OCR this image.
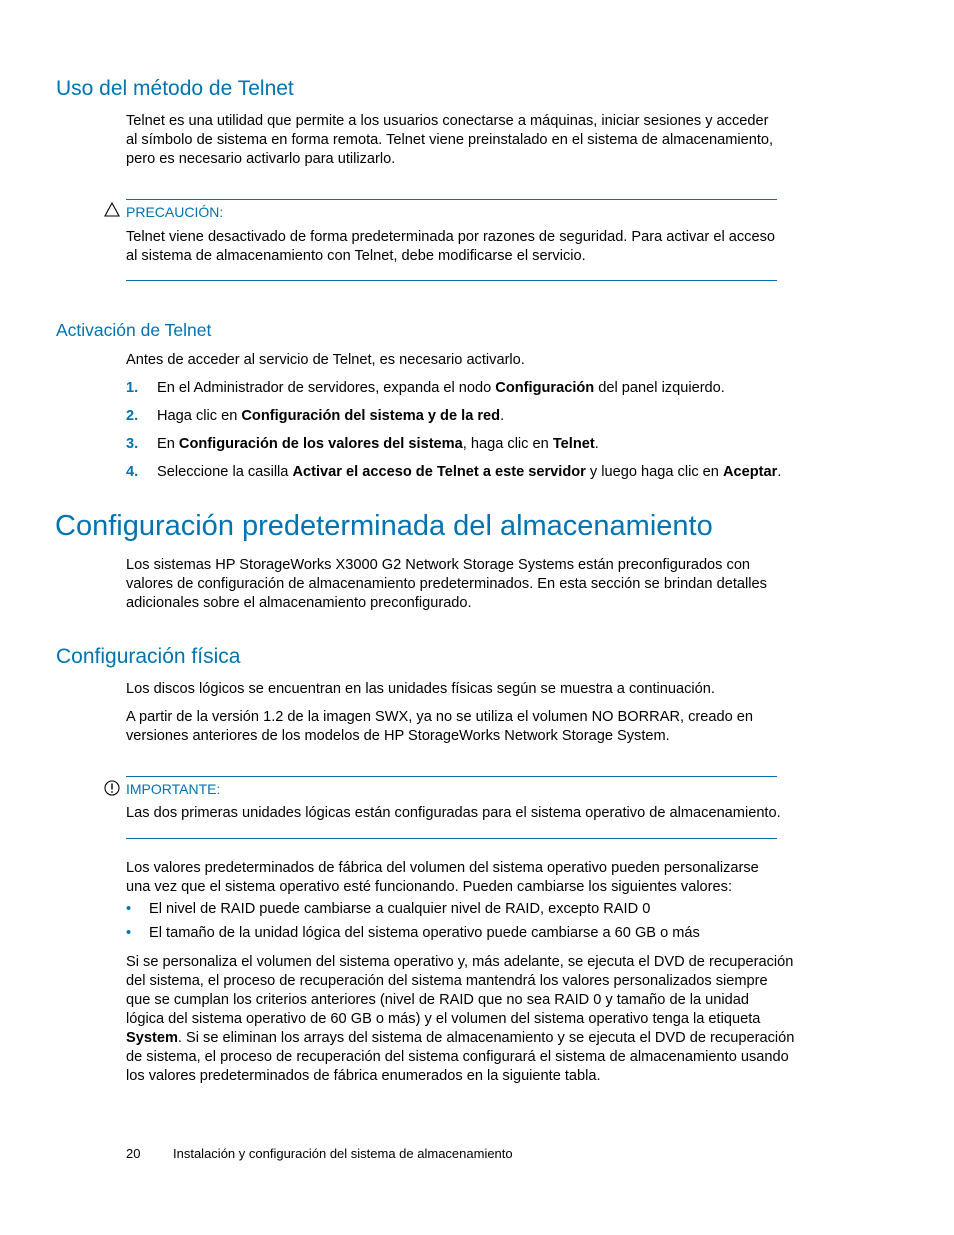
Uso del método de Telnet

Telnet es una utilidad que permite a los usuarios conectarse a máquinas, iniciar sesiones y acceder
al símbolo de sistema en forma remota. Telnet viene preinstalado en el sistema de almacenamiento,
pero es necesario activarlo para utilizarlo.

PRECAUCIÓN:

Telnet viene desactivado de forma predeterminada por razones de seguridad. Para activar el acceso
al sistema de almacenamiento con Telnet, debe modificarse el servicio.

Activación de Telnet

Antes de acceder al servicio de Telnet, es necesario activarlo.

1. En el Administrador de servidores, expanda el nodo Configuración del panel izquierdo.
2. Haga clic en Configuración del sistema y de la red.
3. En Configuración de los valores del sistema, haga clic en Telnet.
4. Seleccione la casilla Activar el acceso de Telnet a este servidor y luego haga clic en Aceptar.
Configuración predeterminada del almacenamiento

Los sistemas HP StorageWorks X3000 G2 Network Storage Systems están preconfigurados con
valores de configuración de almacenamiento predeterminados. En esta sección se brindan detalles
adicionales sobre el almacenamiento preconfigurado.

Configuración física

Los discos lógicos se encuentran en las unidades físicas según se muestra a continuación.

A partir de la versión 1.2 de la imagen SWX, ya no se utiliza el volumen NO BORRAR, creado en
versiones anteriores de los modelos de HP StorageWorks Network Storage System.

IMPORTANTE:

Las dos primeras unidades lógicas están configuradas para el sistema operativo de almacenamiento.

Los valores predeterminados de fábrica del volumen del sistema operativo pueden personalizarse
una vez que el sistema operativo esté funcionando. Pueden cambiarse los siguientes valores:

• El nivel de RAID puede cambiarse a cualquier nivel de RAID, excepto RAID 0
• El tamaño de la unidad lógica del sistema operativo puede cambiarse a 60 GB o más

Si se personaliza el volumen del sistema operativo y, más adelante, se ejecuta el DVD de recuperación
del sistema, el proceso de recuperación del sistema mantendrá los valores personalizados siempre
que se cumplan los criterios anteriores (nivel de RAID que no sea RAID 0 y tamaño de la unidad
lógica del sistema operativo de 60 GB o más) y el volumen del sistema operativo tenga la etiqueta
System. Si se eliminan los arrays del sistema de almacenamiento y se ejecuta el DVD de recuperación
de sistema, el proceso de recuperación del sistema configurará el sistema de almacenamiento usando
los valores predeterminados de fábrica enumerados en la siguiente tabla.

20	Instalación y configuración del sistema de almacenamiento
